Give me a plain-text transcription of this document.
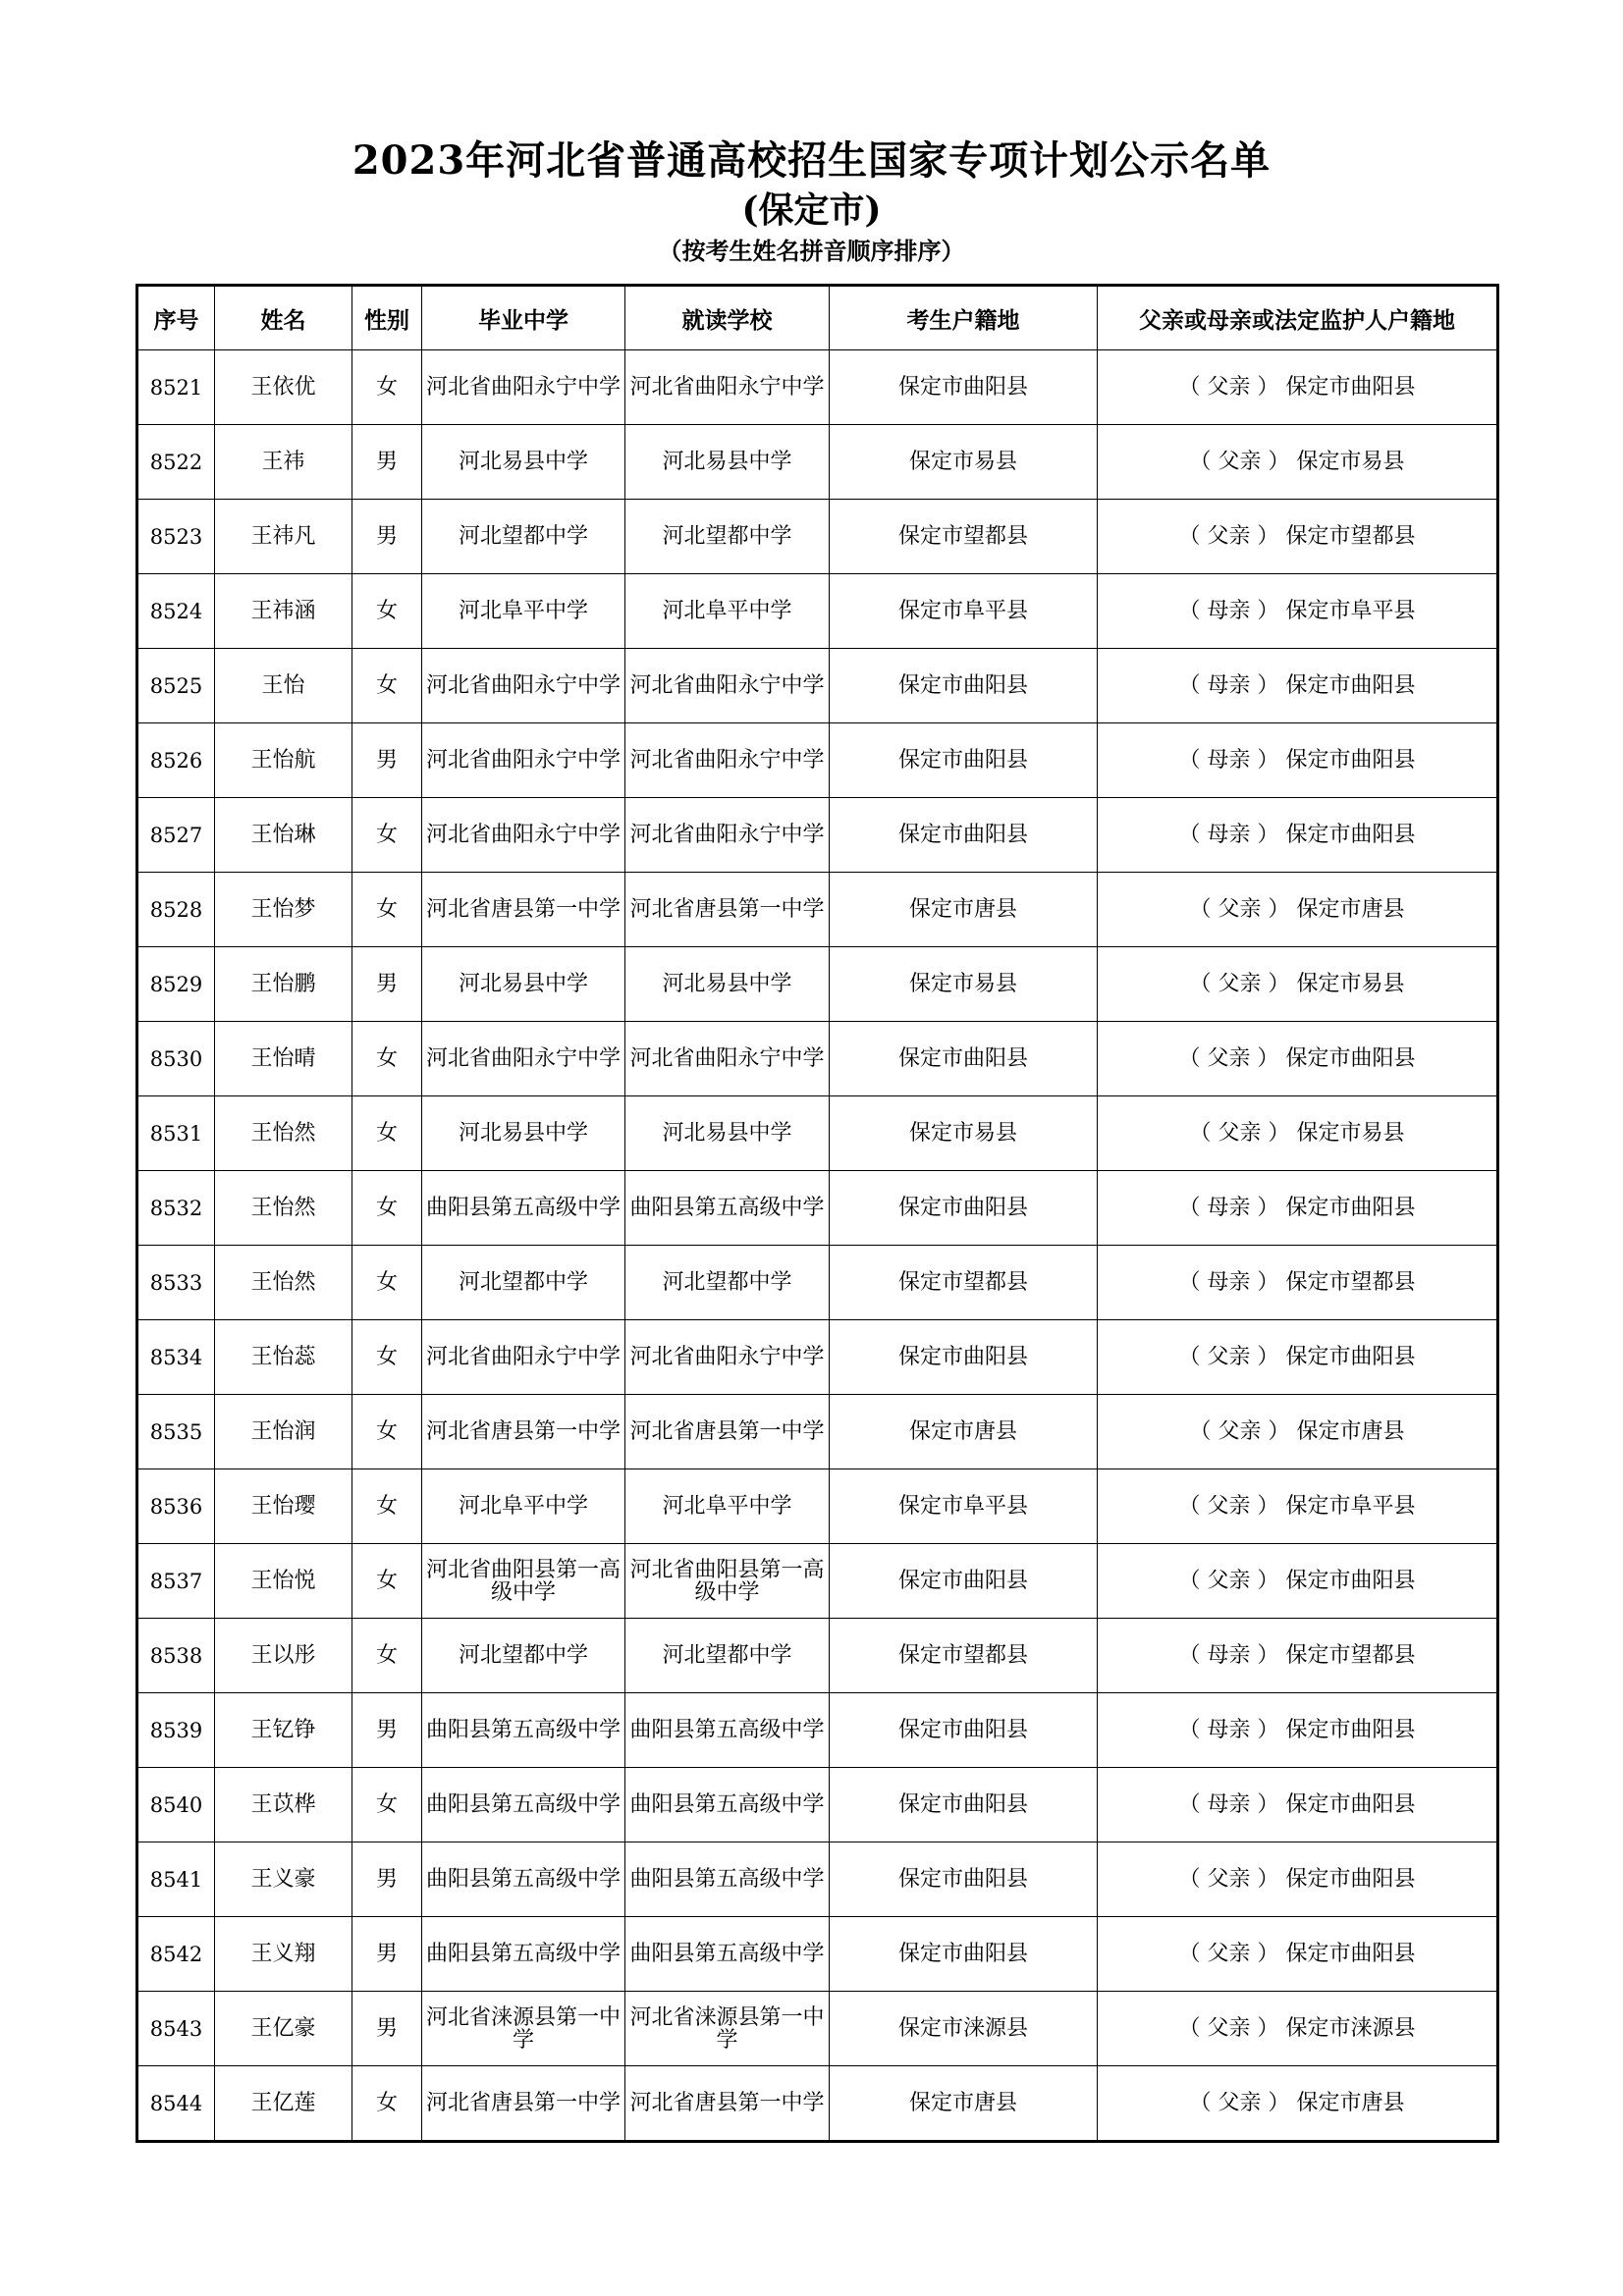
2023年河北省普通高校招生国家专项计划公示名单
(保定市)
（按考生姓名拼音顺序排序）
序号	姓名	性别	毕业中学	就读学校	考生户籍地	父亲或母亲或法定监护人户籍地
8521	王依优	女	河北省曲阳永宁中学	河北省曲阳永宁中学	保定市曲阳县	（ 父亲 ） 保定市曲阳县
8522	王祎	男	河北易县中学	河北易县中学	保定市易县	（ 父亲 ） 保定市易县
8523	王祎凡	男	河北望都中学	河北望都中学	保定市望都县	（ 父亲 ） 保定市望都县
8524	王祎涵	女	河北阜平中学	河北阜平中学	保定市阜平县	（ 母亲 ） 保定市阜平县
8525	王怡	女	河北省曲阳永宁中学	河北省曲阳永宁中学	保定市曲阳县	（ 母亲 ） 保定市曲阳县
8526	王怡航	男	河北省曲阳永宁中学	河北省曲阳永宁中学	保定市曲阳县	（ 母亲 ） 保定市曲阳县
8527	王怡琳	女	河北省曲阳永宁中学	河北省曲阳永宁中学	保定市曲阳县	（ 母亲 ） 保定市曲阳县
8528	王怡梦	女	河北省唐县第一中学	河北省唐县第一中学	保定市唐县	（ 父亲 ） 保定市唐县
8529	王怡鹏	男	河北易县中学	河北易县中学	保定市易县	（ 父亲 ） 保定市易县
8530	王怡晴	女	河北省曲阳永宁中学	河北省曲阳永宁中学	保定市曲阳县	（ 父亲 ） 保定市曲阳县
8531	王怡然	女	河北易县中学	河北易县中学	保定市易县	（ 父亲 ） 保定市易县
8532	王怡然	女	曲阳县第五高级中学	曲阳县第五高级中学	保定市曲阳县	（ 母亲 ） 保定市曲阳县
8533	王怡然	女	河北望都中学	河北望都中学	保定市望都县	（ 母亲 ） 保定市望都县
8534	王怡蕊	女	河北省曲阳永宁中学	河北省曲阳永宁中学	保定市曲阳县	（ 父亲 ） 保定市曲阳县
8535	王怡润	女	河北省唐县第一中学	河北省唐县第一中学	保定市唐县	（ 父亲 ） 保定市唐县
8536	王怡璎	女	河北阜平中学	河北阜平中学	保定市阜平县	（ 父亲 ） 保定市阜平县
8537	王怡悦	女	河北省曲阳县第一高级中学	河北省曲阳县第一高级中学	保定市曲阳县	（ 父亲 ） 保定市曲阳县
8538	王以彤	女	河北望都中学	河北望都中学	保定市望都县	（ 母亲 ） 保定市望都县
8539	王钇铮	男	曲阳县第五高级中学	曲阳县第五高级中学	保定市曲阳县	（ 母亲 ） 保定市曲阳县
8540	王苡桦	女	曲阳县第五高级中学	曲阳县第五高级中学	保定市曲阳县	（ 母亲 ） 保定市曲阳县
8541	王义豪	男	曲阳县第五高级中学	曲阳县第五高级中学	保定市曲阳县	（ 父亲 ） 保定市曲阳县
8542	王义翔	男	曲阳县第五高级中学	曲阳县第五高级中学	保定市曲阳县	（ 父亲 ） 保定市曲阳县
8543	王亿豪	男	河北省涞源县第一中学	河北省涞源县第一中学	保定市涞源县	（ 父亲 ） 保定市涞源县
8544	王亿莲	女	河北省唐县第一中学	河北省唐县第一中学	保定市唐县	（ 父亲 ） 保定市唐县
